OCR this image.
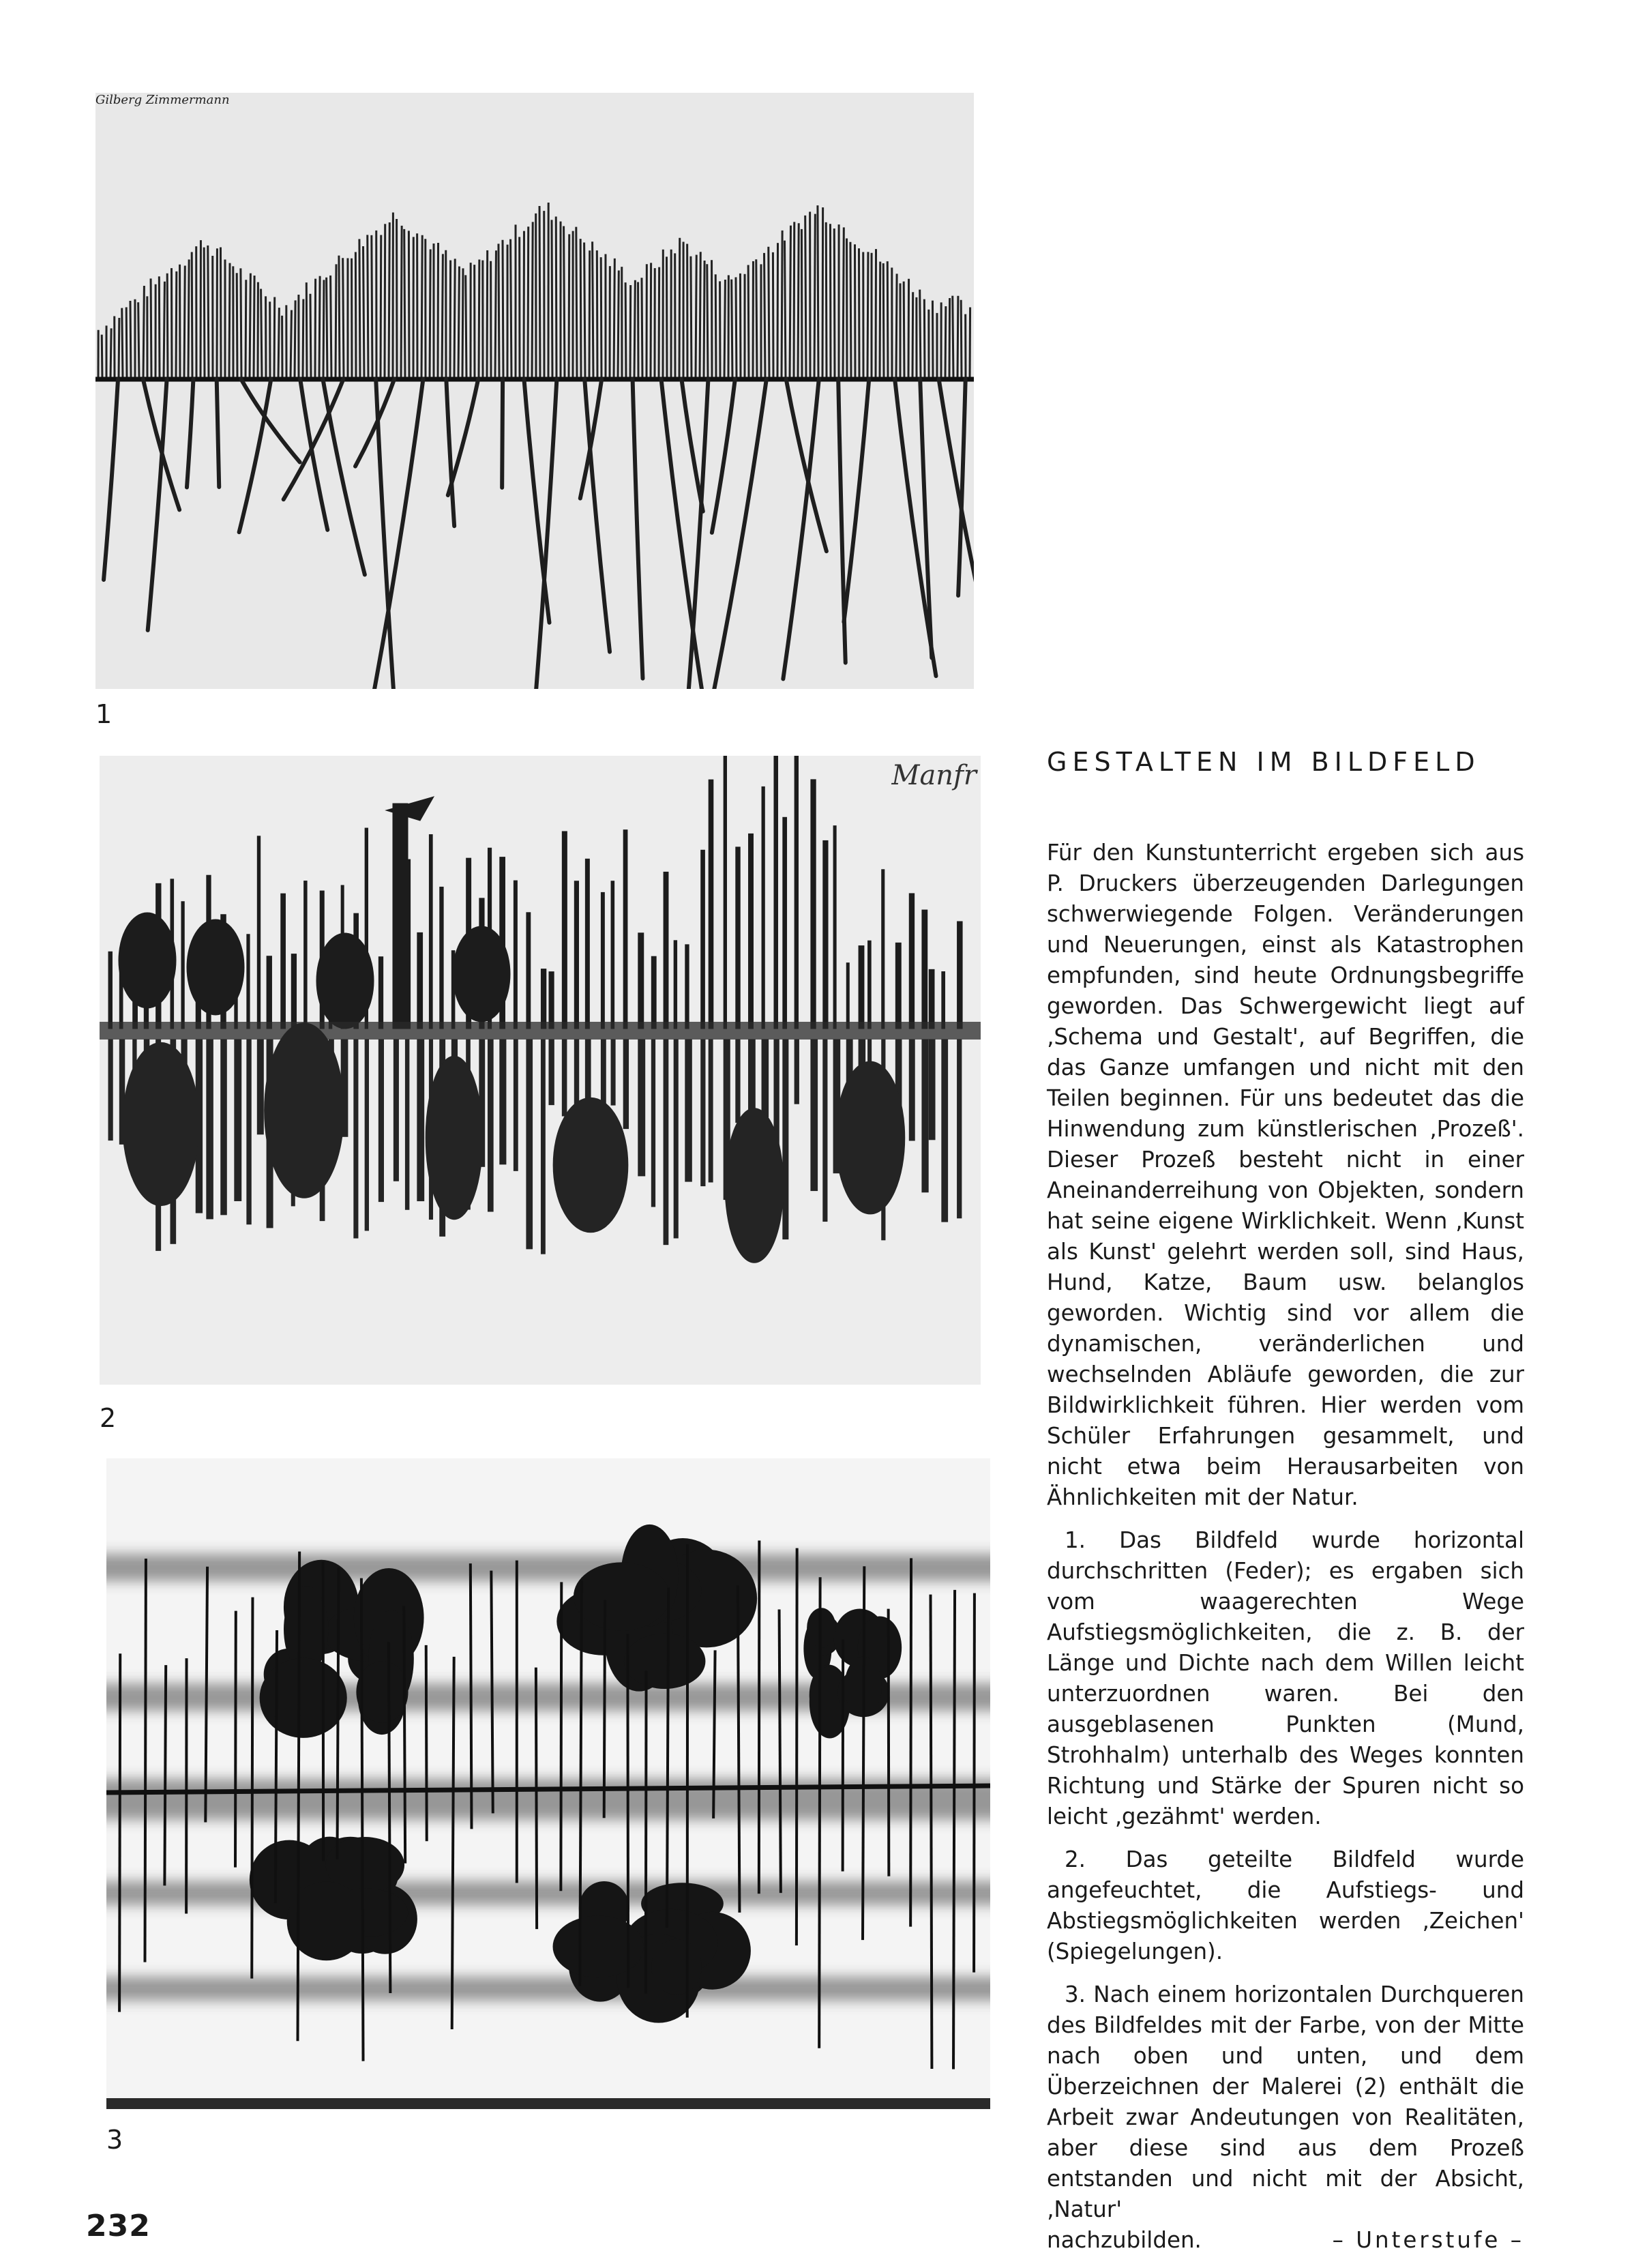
Gilberg Zimmermann
1
Manfr
2
3
GESTALTEN IM BILDFELD

Für den Kunstunterricht ergeben sich aus P. Druckers überzeugenden Darlegungen schwerwiegende Folgen. Veränderungen und Neuerungen, einst als Katastrophen empfunden, sind heute Ordnungsbegriffe geworden. Das Schwergewicht liegt auf ‚Schema und Gestalt', auf Begriffen, die das Ganze umfangen und nicht mit den Teilen beginnen. Für uns bedeutet das die Hinwendung zum künstlerischen ‚Prozeß'. Dieser Prozeß besteht nicht in einer Aneinanderreihung von Objekten, sondern hat seine eigene Wirklichkeit. Wenn ‚Kunst als Kunst' gelehrt werden soll, sind Haus, Hund, Katze, Baum usw. belanglos geworden. Wichtig sind vor allem die dynamischen, veränderlichen und wechselnden Abläufe geworden, die zur Bildwirklichkeit führen. Hier werden vom Schüler Erfahrungen gesammelt, und nicht etwa beim Herausarbeiten von Ähnlichkeiten mit der Natur.

1. Das Bildfeld wurde horizontal durchschritten (Feder); es ergaben sich vom waagerechten Wege Aufstiegsmöglichkeiten, die z. B. der Länge und Dichte nach dem Willen leicht unterzuordnen waren. Bei den ausgeblasenen Punkten (Mund, Strohhalm) unterhalb des Weges konnten Richtung und Stärke der Spuren nicht so leicht ‚gezähmt' werden.

2. Das geteilte Bildfeld wurde angefeuchtet, die Aufstiegs- und Abstiegsmöglichkeiten werden ‚Zeichen' (Spiegelungen).

3. Nach einem horizontalen Durchqueren des Bildfeldes mit der Farbe, von der Mitte nach oben und unten, und dem Überzeichnen der Malerei (2) enthält die Arbeit zwar Andeutungen von Realitäten, aber diese sind aus dem Prozeß entstanden und nicht mit der Absicht, ‚Natur'

nachzubilden.	– Unterstufe –
232
